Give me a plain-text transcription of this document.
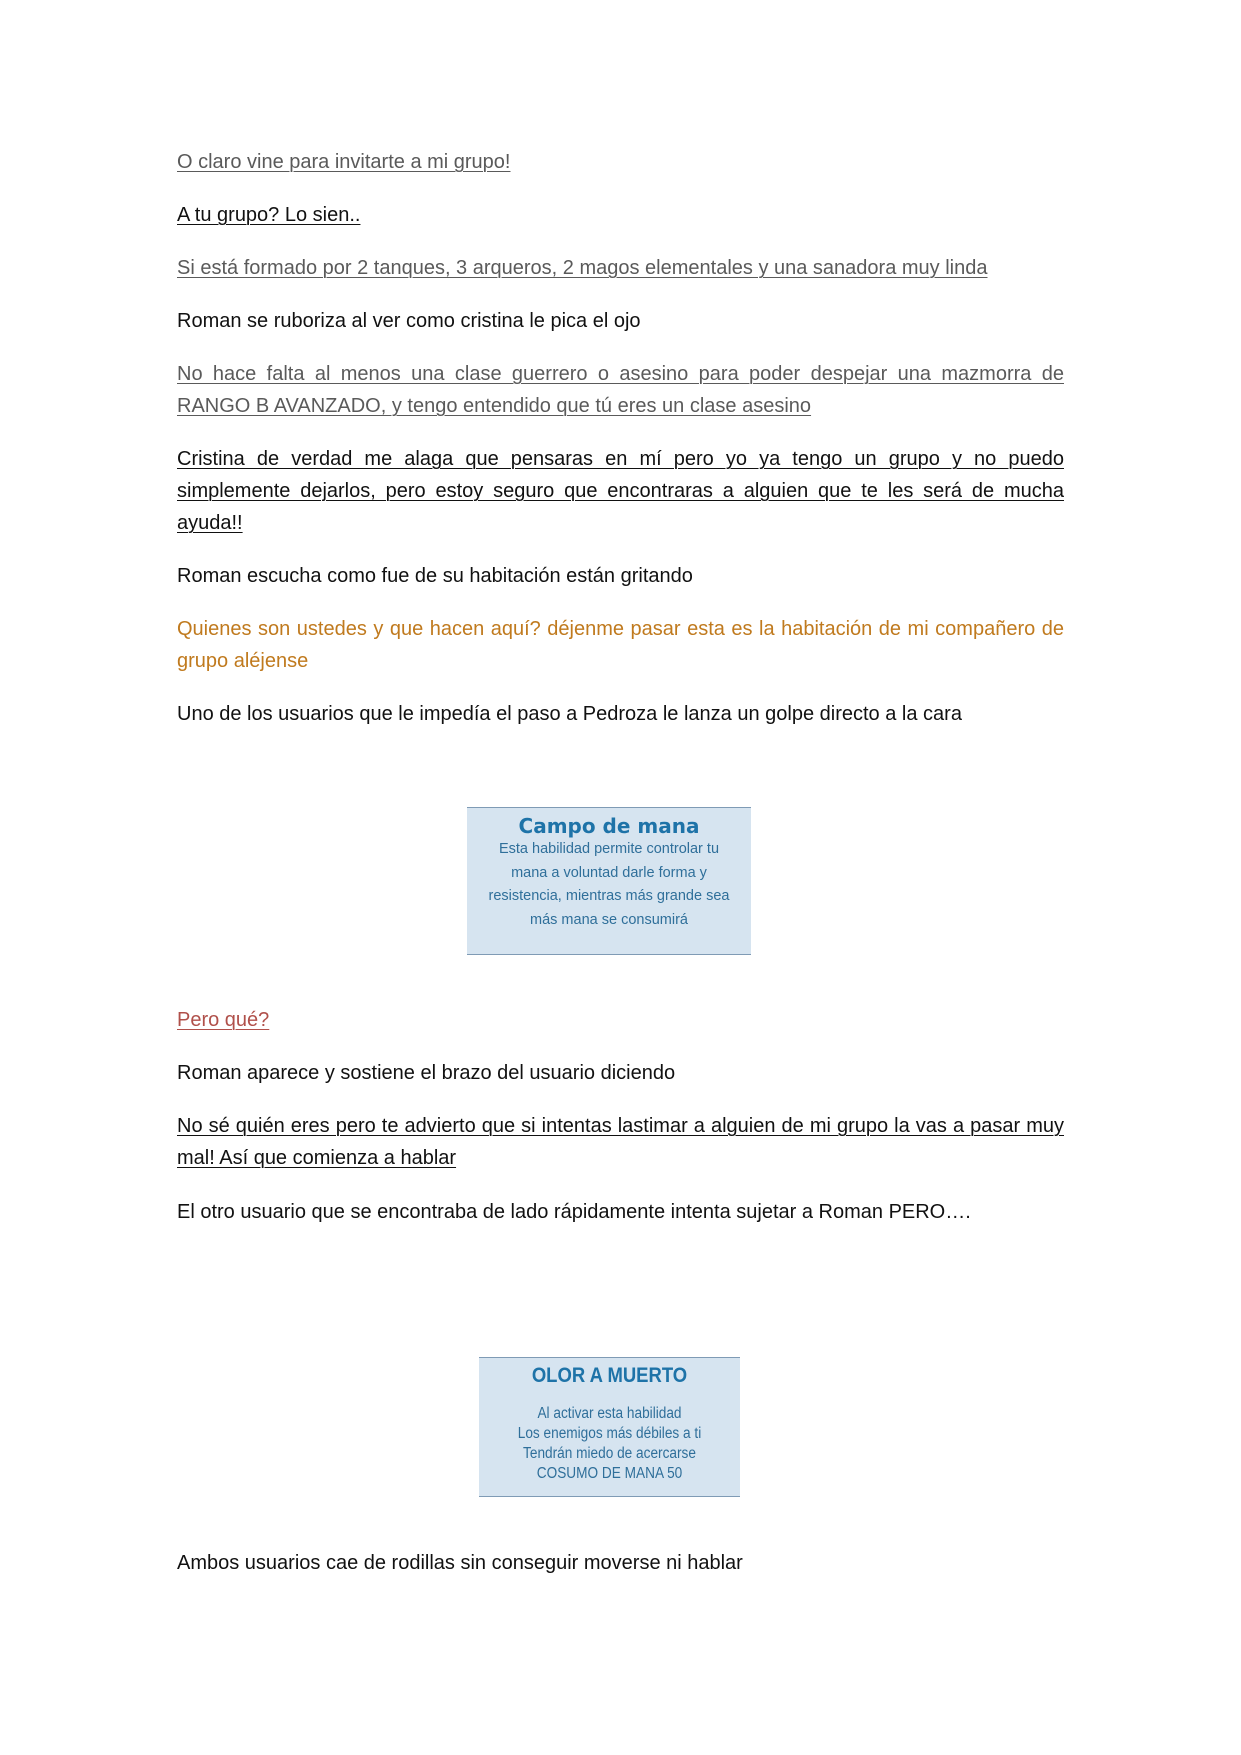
O claro vine para invitarte a mi grupo!

A tu grupo? Lo sien..

Si está formado por 2 tanques, 3 arqueros, 2 magos elementales y una sanadora muy linda

Roman se ruboriza al ver como cristina le pica el ojo

No hace falta al menos una clase guerrero o asesino para poder despejar una mazmorra de RANGO B AVANZADO, y tengo entendido que tú eres un clase asesino

Cristina de verdad me alaga que pensaras en mí pero yo ya tengo un grupo y no puedo simplemente dejarlos, pero estoy seguro que encontraras a alguien que te les será de mucha ayuda!!

Roman escucha como fue de su habitación están gritando

Quienes son ustedes y que hacen aquí? déjenme pasar esta es la habitación de mi compañero de grupo aléjense

Uno de los usuarios que le impedía el paso a Pedroza le lanza un golpe directo a la cara

Campo de mana
Esta habilidad permite controlar tu
mana a voluntad darle forma y
resistencia, mientras más grande sea
más mana se consumirá

Pero qué?

Roman aparece y sostiene el brazo del usuario diciendo

No sé quién eres pero te advierto que si intentas lastimar a alguien de mi grupo la vas a pasar muy mal! Así que comienza a hablar

El otro usuario que se encontraba de lado rápidamente intenta sujetar a Roman PERO….

OLOR A MUERTO
Al activar esta habilidad
Los enemigos más débiles a ti
Tendrán miedo de acercarse
COSUMO DE MANA 50

Ambos usuarios cae de rodillas sin conseguir moverse ni hablar
